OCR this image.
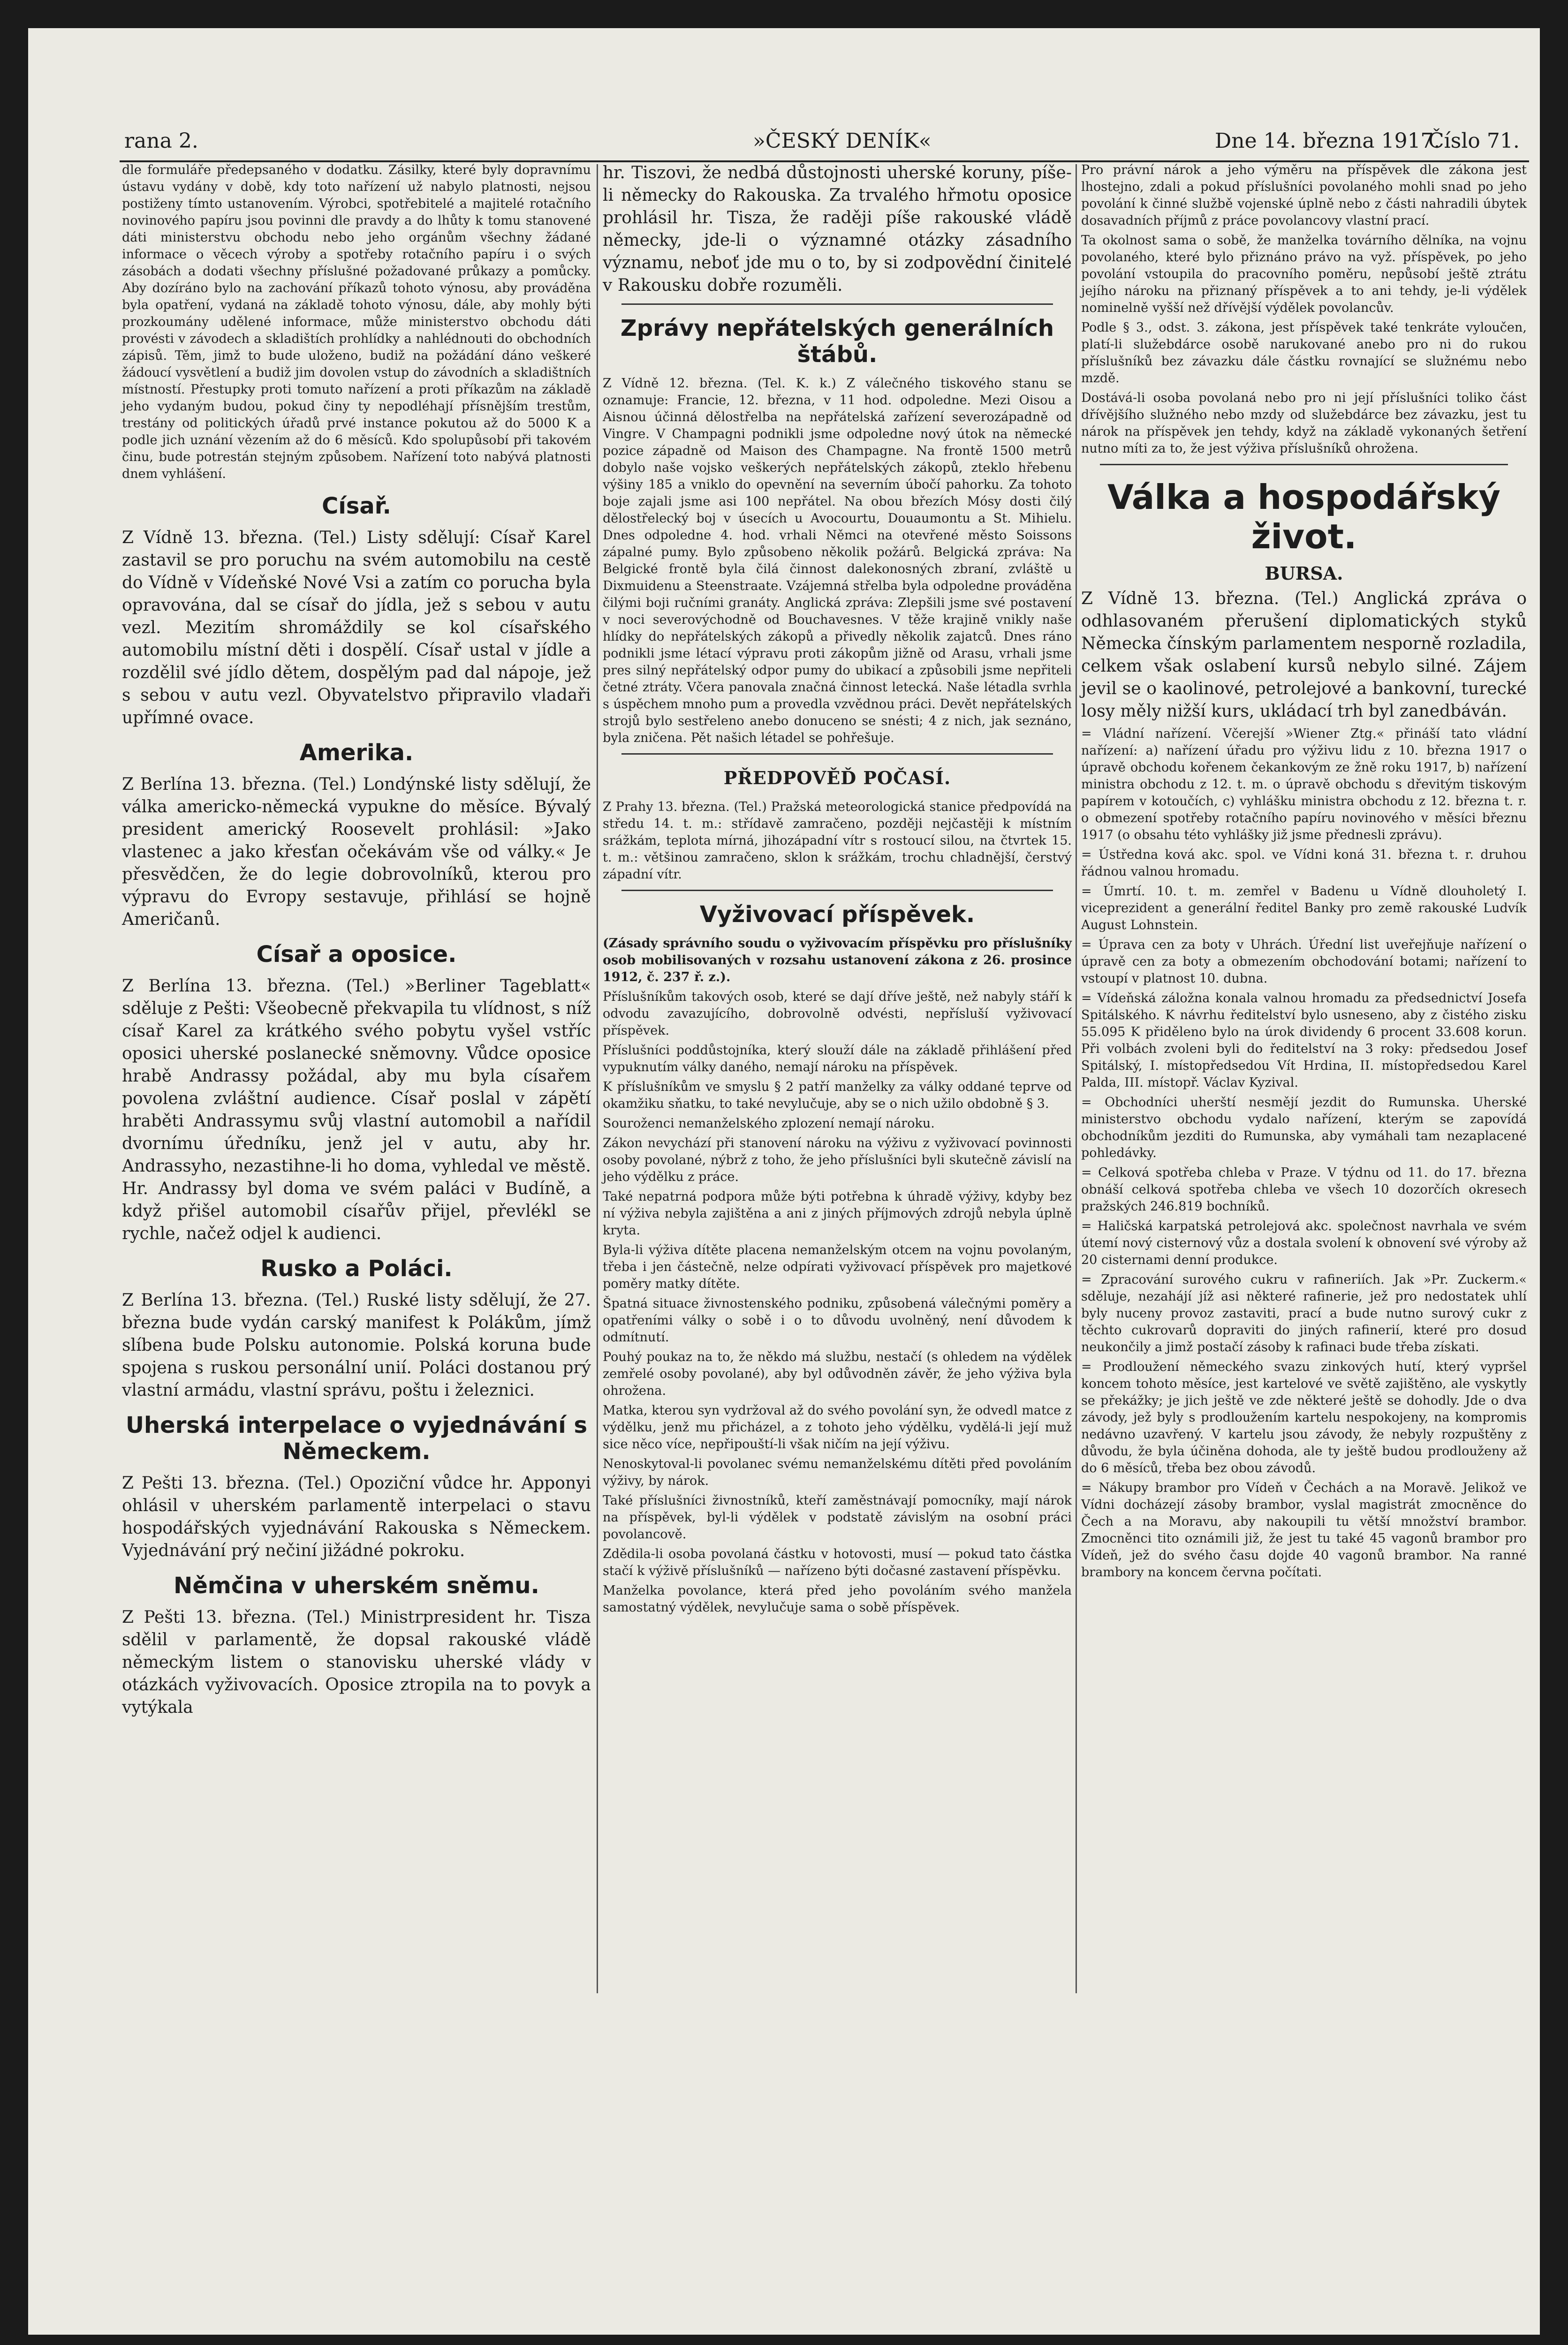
rana 2.	»ČESKÝ DENÍK«	Dne 14. března 1917.
Číslo 71.

dle formuláře předepsaného v dodatku. Zásilky, které byly dopravnímu ústavu vydány v době, kdy toto nařízení už nabylo platnosti, nejsou postiženy tímto ustanovením. Výrobci, spotřebitelé a majitelé rotačního novinového papíru jsou povinni dle pravdy a do lhůty k tomu stanovené dáti ministerstvu obchodu nebo jeho orgánům všechny žádané informace o věcech výroby a spotřeby rotačního papíru i o svých zásobách a dodati všechny příslušné požadované průkazy a pomůcky. Aby dozíráno bylo na zachování příkazů tohoto výnosu, aby prováděna byla opatření, vydaná na základě tohoto výnosu, dále, aby mohly býti prozkoumány udělené informace, může ministerstvo obchodu dáti provésti v závodech a skladištích prohlídky a nahlédnouti do obchodních zápisů. Těm, jimž to bude uloženo, budiž na požádání dáno veškeré žádoucí vysvětlení a budiž jim dovolen vstup do závodních a skladištních místností. Přestupky proti tomuto nařízení a proti příkazům na základě jeho vydaným budou, pokud činy ty nepodléhají přísnějším trestům, trestány od politických úřadů prvé instance pokutou až do 5000 K a podle jich uznání vězením až do 6 měsíců. Kdo spolupůsobí při takovém činu, bude potrestán stejným způsobem. Nařízení toto nabývá platnosti dnem vyhlášení.

Císař.

Z Vídně 13. března. (Tel.) Listy sdělují: Císař Karel zastavil se pro poruchu na svém automobilu na cestě do Vídně v Vídeňské Nové Vsi a zatím co porucha byla opravována, dal se císař do jídla, jež s sebou v autu vezl. Mezitím shromáždily se kol císařského automobilu místní děti i dospělí. Císař ustal v jídle a rozdělil své jídlo dětem, dospělým pad dal nápoje, jež s sebou v autu vezl. Obyvatelstvo připravilo vladaři upřímné ovace.

Amerika.

Z Berlína 13. března. (Tel.) Londýnské listy sdělují, že válka americko-německá vypukne do měsíce. Bývalý president americký Roosevelt prohlásil: »Jako vlastenec a jako křesťan očekávám vše od války.« Je přesvědčen, že do legie dobrovolníků, kterou pro výpravu do Evropy sestavuje, přihlásí se hojně Američanů.

Císař a oposice.

Z Berlína 13. března. (Tel.) »Berliner Tageblatt« sděluje z Pešti: Všeobecně překvapila tu vlídnost, s níž císař Karel za krátkého svého pobytu vyšel vstříc oposici uherské poslanecké sněmovny. Vůdce oposice hrabě Andrassy požádal, aby mu byla císařem povolena zvláštní audience. Císař poslal v zápětí hraběti Andrassymu svůj vlastní automobil a nařídil dvornímu úředníku, jenž jel v autu, aby hr. Andrassyho, nezastihne-li ho doma, vyhledal ve městě. Hr. Andrassy byl doma ve svém paláci v Budíně, a když přišel automobil císařův přijel, převlékl se rychle, načež odjel k audienci.

Rusko a Poláci.

Z Berlína 13. března. (Tel.) Ruské listy sdělují, že 27. března bude vydán carský manifest k Polákům, jímž slíbena bude Polsku autonomie. Polská koruna bude spojena s ruskou personální unií. Poláci dostanou prý vlastní armádu, vlastní správu, poštu i železnici.

Uherská interpelace o vyjednávání s Německem.

Z Pešti 13. března. (Tel.) Opoziční vůdce hr. Apponyi ohlásil v uherském parlamentě interpelaci o stavu hospodářských vyjednávání Rakouska s Německem. Vyjednávání prý nečiní jižádné pokroku.

Němčina v uherském sněmu.

Z Pešti 13. března. (Tel.) Ministrpresident hr. Tisza sdělil v parlamentě, že dopsal rakouské vládě německým listem o stanovisku uherské vlády v otázkách vyživovacích. Oposice ztropila na to povyk a vytýkala

hr. Tiszovi, že nedbá důstojnosti uherské koruny, píše-li německy do Rakouska. Za trvalého hřmotu oposice prohlásil hr. Tisza, že raději píše rakouské vládě německy, jde-li o významné otázky zásadního významu, neboť jde mu o to, by si zodpovědní činitelé v Rakousku dobře rozuměli.

Zprávy nepřátelských generálních štábů.

Z Vídně 12. března. (Tel. K. k.) Z válečného tiskového stanu se oznamuje: Francie, 12. března, v 11 hod. odpoledne. Mezi Oisou a Aisnou účinná dělostřelba na nepřátelská zařízení severozápadně od Vingre. V Champagni podnikli jsme odpoledne nový útok na německé pozice západně od Maison des Champagne. Na frontě 1500 metrů dobylo naše vojsko veškerých nepřátelských zákopů, zteklo hřebenu výšiny 185 a vniklo do opevnění na severním úbočí pahorku. Za tohoto boje zajali jsme asi 100 nepřátel. Na obou březích Mósy dosti čilý dělostřelecký boj v úsecích u Avocourtu, Douaumontu a St. Mihielu. Dnes odpoledne 4. hod. vrhali Němci na otevřené město Soissons zápalné pumy. Bylo způsobeno několik požárů. Belgická zpráva: Na Belgické frontě byla čilá činnost dalekonosných zbraní, zvláště u Dixmuidenu a Steenstraate. Vzájemná střelba byla odpoledne prováděna čilými boji ručními granáty. Anglická zpráva: Zlepšili jsme své postavení v noci severovýchodně od Bouchavesnes. V těže krajině vnikly naše hlídky do nepřátelských zákopů a přivedly několik zajatců. Dnes ráno podnikli jsme létací výpravu proti zákopům jižně od Arasu, vrhali jsme pres silný nepřátelský odpor pumy do ubikací a způsobili jsme nepřiteli četné ztráty. Včera panovala značná činnost letecká. Naše létadla svrhla s úspěchem mnoho pum a provedla vzvědnou práci. Devět nepřátelských strojů bylo sestřeleno anebo donuceno se snésti; 4 z nich, jak seznáno, byla zničena. Pět našich létadel se pohřešuje.

PŘEDPOVĚĎ POČASÍ.

Z Prahy 13. března. (Tel.) Pražská meteorologická stanice předpovídá na středu 14. t. m.: střídavě zamračeno, později nejčastěji k místním srážkám, teplota mírná, jihozápadní vítr s rostoucí silou, na čtvrtek 15. t. m.: většinou zamračeno, sklon k srážkám, trochu chladnější, čerstvý západní vítr.

Vyživovací příspěvek.

(Zásady správního soudu o vyživovacím příspěvku pro příslušníky osob mobilisovaných v rozsahu ustanovení zákona z 26. prosince 1912, č. 237 ř. z.).

Příslušníkům takových osob, které se dají dříve ještě, než nabyly stáří k odvodu zavazujícího, dobrovolně odvésti, nepřísluší vyživovací příspěvek.

Příslušníci poddůstojníka, který slouží dále na základě přihlášení před vypuknutím války daného, nemají nároku na příspěvek.

K příslušníkům ve smyslu § 2 patří manželky za války oddané teprve od okamžiku sňatku, to také nevylučuje, aby se o nich užilo obdobně § 3.

Souroženci nemanželského zplození nemají nároku.

Zákon nevychází při stanovení nároku na výživu z vyživovací povinnosti osoby povolané, nýbrž z toho, že jeho příslušníci byli skutečně závislí na jeho výdělku z práce.

Také nepatrná podpora může býti potřebna k úhradě výživy, kdyby bez ní výživa nebyla zajištěna a ani z jiných příjmových zdrojů nebyla úplně kryta.

Byla-li výživa dítěte placena nemanželským otcem na vojnu povolaným, třeba i jen částečně, nelze odpírati vyživovací příspěvek pro majetkové poměry matky dítěte.

Špatná situace živnostenského podniku, způsobená válečnými poměry a opatřeními války o sobě i o to důvodu uvolněný, není důvodem k odmítnutí.

Pouhý poukaz na to, že někdo má službu, nestačí (s ohledem na výdělek zemřelé osoby povolané), aby byl odůvodněn závěr, že jeho výživa byla ohrožena.

Matka, kterou syn vydržoval až do svého povolání syn, že odvedl matce z výdělku, jenž mu přicházel, a z tohoto jeho výdělku, vydělá-li její muž sice něco více, nepřipouští-li však ničím na její výživu.

Nenoskytoval-li povolanec svému nemanželskému dítěti před povoláním výživy, by nárok.

Také příslušníci živnostníků, kteří zaměstnávají pomocníky, mají nárok na příspěvek, byl-li výdělek v podstatě závislým na osobní práci povolancově.

Zdědila-li osoba povolaná částku v hotovosti, musí — pokud tato částka stačí k výživě příslušníků — nařízeno býti dočasné zastavení příspěvku.

Manželka povolance, která před jeho povoláním svého manžela samostatný výdělek, nevylučuje sama o sobě příspěvek.

Pro právní nárok a jeho výměru na příspěvek dle zákona jest lhostejno, zdali a pokud příslušníci povolaného mohli snad po jeho povolání k činné službě vojenské úplně nebo z části nahradili úbytek dosavadních příjmů z práce povolancovy vlastní prací.

Ta okolnost sama o sobě, že manželka továrního dělníka, na vojnu povolaného, které bylo přiznáno právo na vyž. příspěvek, po jeho povolání vstoupila do pracovního poměru, nepůsobí ještě ztrátu jejího nároku na přiznaný příspěvek a to ani tehdy, je-li výdělek nominelně vyšší než dřívější výdělek povolancův.

Podle § 3., odst. 3. zákona, jest příspěvek také tenkráte vyloučen, platí-li služebdárce osobě narukované anebo pro ni do rukou příslušníků bez závazku dále částku rovnající se služnému nebo mzdě.

Dostává-li osoba povolaná nebo pro ni její příslušníci toliko část dřívějšího služného nebo mzdy od služebdárce bez závazku, jest tu nárok na příspěvek jen tehdy, když na základě vykonaných šetření nutno míti za to, že jest výživa příslušníků ohrožena.

Válka a hospodářský život.
BURSA.

Z Vídně 13. března. (Tel.) Anglická zpráva o odhlasovaném přerušení diplomatických styků Německa čínským parlamentem nesporně rozladila, celkem však oslabení kursů nebylo silné. Zájem jevil se o kaolinové, petrolejové a bankovní, turecké losy měly nižší kurs, ukládací trh byl zanedbáván.

= Vládní nařízení. Včerejší »Wiener Ztg.« přináší tato vládní nařízení: a) nařízení úřadu pro výživu lidu z 10. března 1917 o úpravě obchodu kořenem čekankovým ze žně roku 1917, b) nařízení ministra obchodu z 12. t. m. o úpravě obchodu s dřevitým tiskovým papírem v kotoučích, c) vyhlášku ministra obchodu z 12. března t. r. o obmezení spotřeby rotačního papíru novinového v měsíci březnu 1917 (o obsahu této vyhlášky již jsme přednesli zprávu).

= Ústředna ková akc. spol. ve Vídni koná 31. března t. r. druhou řádnou valnou hromadu.

= Úmrtí. 10. t. m. zemřel v Badenu u Vídně dlouholetý I. viceprezident a generální ředitel Banky pro země rakouské Ludvík August Lohnstein.

= Úprava cen za boty v Uhrách. Úřední list uveřejňuje nařízení o úpravě cen za boty a obmezením obchodování botami; nařízení to vstoupí v platnost 10. dubna.

= Vídeňská záložna konala valnou hromadu za předsednictví Josefa Spitálského. K návrhu ředitelství bylo usneseno, aby z čistého zisku 55.095 K přiděleno bylo na úrok dividendy 6 procent 33.608 korun. Při volbách zvoleni byli do ředitelství na 3 roky: předsedou Josef Spitálský, I. místopředsedou Vít Hrdina, II. místopředsedou Karel Palda, III. místopř. Václav Kyzival.

= Obchodníci uherští nesmějí jezdit do Rumunska. Uherské ministerstvo obchodu vydalo nařízení, kterým se zapovídá obchodníkům jezditi do Rumunska, aby vymáhali tam nezaplacené pohledávky.

= Celková spotřeba chleba v Praze. V týdnu od 11. do 17. března obnáší celková spotřeba chleba ve všech 10 dozorčích okresech pražských 246.819 bochníků.

= Haličská karpatská petrolejová akc. společnost navrhala ve svém útemí nový cisternový vůz a dostala svolení k obnovení své výroby až 20 cisternami denní produkce.

= Zpracování surového cukru v rafineriích. Jak »Pr. Zuckerm.« sděluje, nezahájí jíž asi některé rafinerie, jež pro nedostatek uhlí byly nuceny provoz zastaviti, prací a bude nutno surový cukr z těchto cukrovarů dopraviti do jiných rafinerií, které pro dosud neukončily a jimž postačí zásoby k rafinaci bude třeba získati.

= Prodloužení německého svazu zinkových hutí, který vypršel koncem tohoto měsíce, jest kartelové ve světě zajištěno, ale vyskytly se překážky; je jich ještě ve zde některé ještě se dohodly. Jde o dva závody, jež byly s prodloužením kartelu nespokojeny, na kompromis nedávno uzavřený. V kartelu jsou závody, že nebyly rozpuštěny z důvodu, že byla účiněna dohoda, ale ty ještě budou prodlouženy až do 6 měsíců, třeba bez obou závodů.

= Nákupy brambor pro Vídeň v Čechách a na Moravě. Jelikož ve Vídni docházejí zásoby brambor, vyslal magistrát zmocněnce do Čech a na Moravu, aby nakoupili tu větší množství brambor. Zmocněnci tito oznámili již, že jest tu také 45 vagonů brambor pro Vídeň, jež do svého času dojde 40 vagonů brambor. Na ranné brambory na koncem června počítati.
